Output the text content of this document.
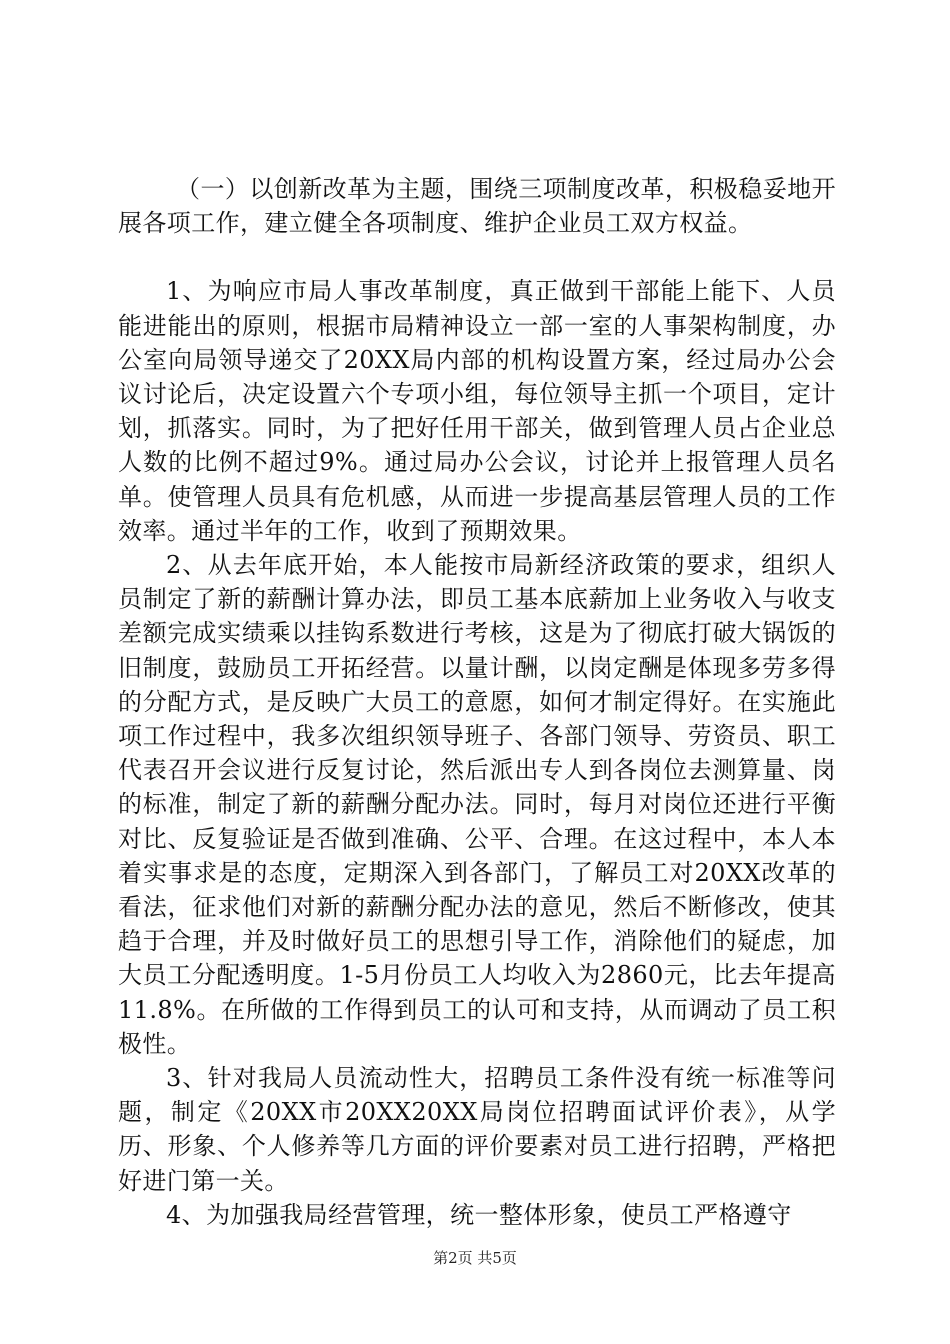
（一）以创新改革为主题，围绕三项制度改革，积极稳妥地开展各项工作，建立健全各项制度、维护企业员工双方权益。

1、为响应市局人事改革制度，真正做到干部能上能下、人员能进能出的原则，根据市局精神设立一部一室的人事架构制度，办公室向局领导递交了20XX局内部的机构设置方案，经过局办公会议讨论后，决定设置六个专项小组，每位领导主抓一个项目，定计划，抓落实。同时，为了把好任用干部关，做到管理人员占企业总人数的比例不超过9%。通过局办公会议，讨论并上报管理人员名单。使管理人员具有危机感，从而进一步提高基层管理人员的工作效率。通过半年的工作，收到了预期效果。

2、从去年底开始，本人能按市局新经济政策的要求，组织人员制定了新的薪酬计算办法，即员工基本底薪加上业务收入与收支差额完成实绩乘以挂钩系数进行考核，这是为了彻底打破大锅饭的旧制度，鼓励员工开拓经营。以量计酬，以岗定酬是体现多劳多得的分配方式，是反映广大员工的意愿，如何才制定得好。在实施此项工作过程中，我多次组织领导班子、各部门领导、劳资员、职工代表召开会议进行反复讨论，然后派出专人到各岗位去测算量、岗的标准，制定了新的薪酬分配办法。同时，每月对岗位还进行平衡对比、反复验证是否做到准确、公平、合理。在这过程中，本人本着实事求是的态度，定期深入到各部门，了解员工对20XX改革的看法，征求他们对新的薪酬分配办法的意见，然后不断修改，使其趋于合理，并及时做好员工的思想引导工作，消除他们的疑虑，加大员工分配透明度。1-5月份员工人均收入为2860元，比去年提高11.8%。在所做的工作得到员工的认可和支持，从而调动了员工积极性。

3、针对我局人员流动性大，招聘员工条件没有统一标准等问题，制定《20XX市20XX20XX局岗位招聘面试评价表》，从学历、形象、个人修养等几方面的评价要素对员工进行招聘，严格把好进门第一关。

4、为加强我局经营管理，统一整体形象，使员工严格遵守

第2页 共5页
